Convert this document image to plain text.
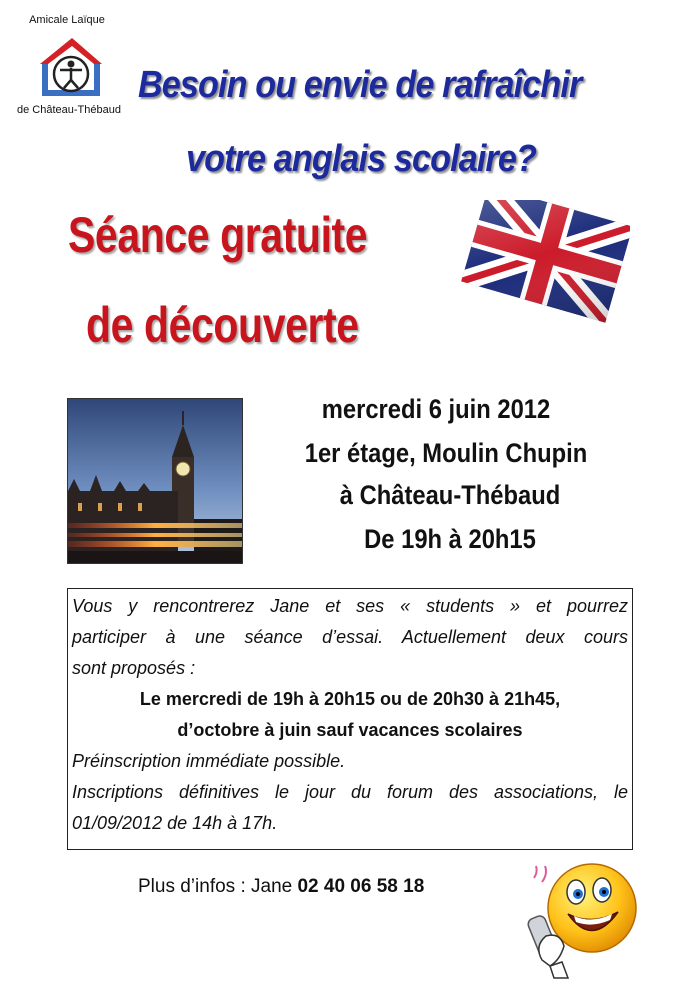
Amicale Laïque
de Château-Thébaud
Besoin ou envie de rafraîchir
votre anglais scolaire?
Séance gratuite
de découverte
mercredi 6 juin 2012
1er étage, Moulin Chupin
à Château-Thébaud
De 19h à 20h15
Vous y rencontrerez Jane et ses « students » et pourrez
participer à une séance d’essai. Actuellement deux cours
sont proposés :
Le mercredi de 19h à 20h15 ou de 20h30 à 21h45,
d’octobre à juin sauf vacances scolaires
Préinscription immédiate possible.
Inscriptions définitives le jour du forum des associations, le
01/09/2012 de 14h à 17h.
Plus d’infos : Jane 02 40 06 58 18
